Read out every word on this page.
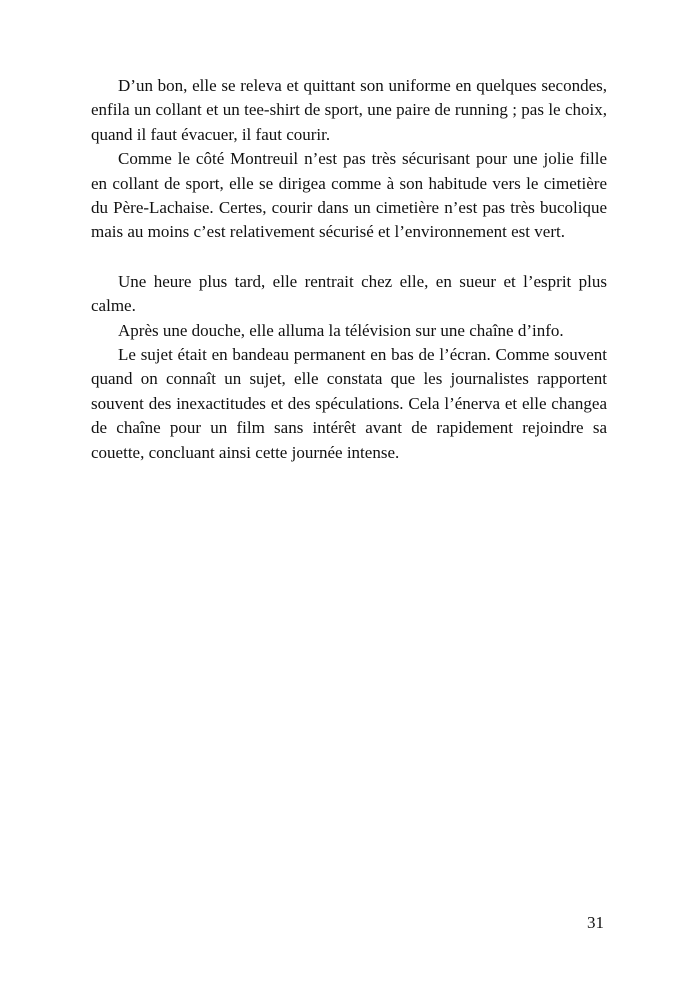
D’un bon, elle se releva et quittant son uniforme en quelques secondes, enfila un collant et un tee-shirt de sport, une paire de running ; pas le choix, quand il faut évacuer, il faut courir.

Comme le côté Montreuil n’est pas très sécurisant pour une jolie fille en collant de sport, elle se dirigea comme à son habitude vers le cimetière du Père-Lachaise. Certes, courir dans un cimetière n’est pas très bucolique mais au moins c’est relativement sécurisé et l’environnement est vert.

Une heure plus tard, elle rentrait chez elle, en sueur et l’esprit plus calme.

Après une douche, elle alluma la télévision sur une chaîne d’info.

Le sujet était en bandeau permanent en bas de l’écran. Comme souvent quand on connaît un sujet, elle constata que les journalistes rapportent souvent des inexactitudes et des spéculations. Cela l’énerva et elle changea de chaîne pour un film sans intérêt avant de rapidement rejoindre sa couette, concluant ainsi cette journée intense.

31
